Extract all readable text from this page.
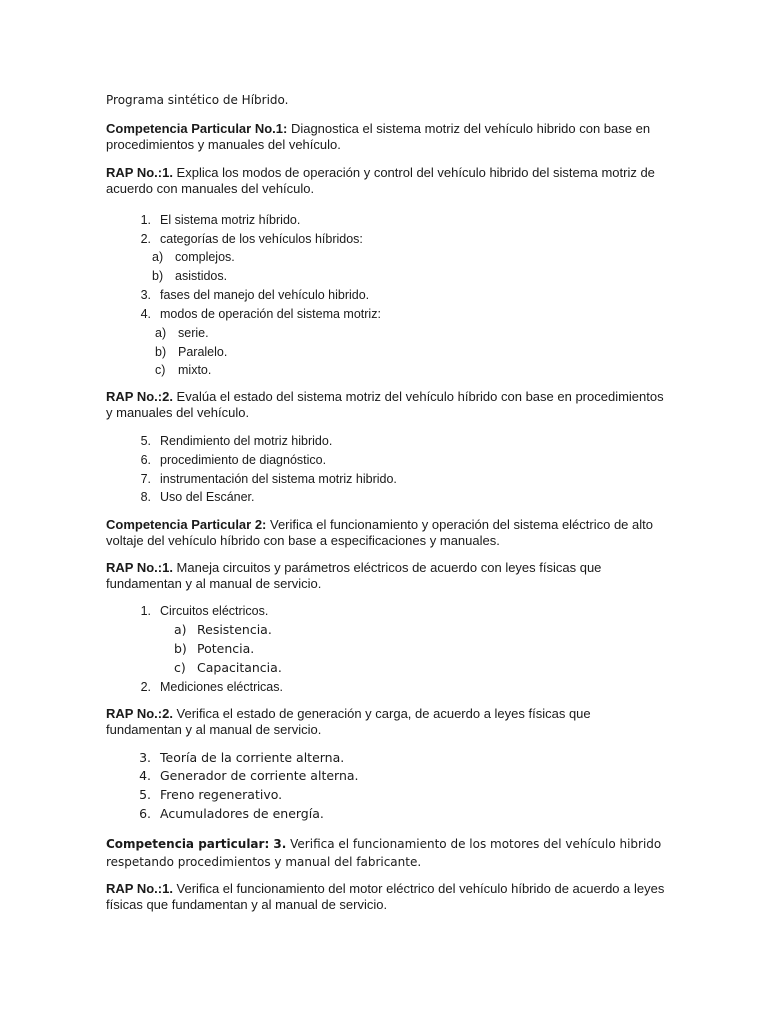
Programa sintético de Híbrido.

Competencia Particular No.1: Diagnostica el sistema motriz del vehículo hibrido con base en procedimientos y manuales del vehículo.

RAP No.:1. Explica los modos de operación y control del vehículo hibrido del sistema motriz de acuerdo con manuales del vehículo.

1. El sistema motriz híbrido.

2. categorías de los vehículos híbridos:

a) complejos.

b) asistidos.

3. fases del manejo del vehículo hibrido.

4. modos de operación del sistema motriz:

a) serie.

b) Paralelo.

c) mixto.

RAP No.:2. Evalúa el estado del sistema motriz del vehículo híbrido con base en procedimientos y manuales del vehículo.

5. Rendimiento del motriz hibrido.

6. procedimiento de diagnóstico.

7. instrumentación del sistema motriz hibrido.

8. Uso del Escáner.

Competencia Particular 2: Verifica el funcionamiento y operación del sistema eléctrico de alto voltaje del vehículo híbrido con base a especificaciones y manuales.

RAP No.:1. Maneja circuitos y parámetros eléctricos de acuerdo con leyes físicas que fundamentan y al manual de servicio.

1. Circuitos eléctricos.

a) Resistencia.

b) Potencia.

c) Capacitancia.

2. Mediciones eléctricas.

RAP No.:2. Verifica el estado de generación y carga, de acuerdo a leyes físicas que fundamentan y al manual de servicio.

3. Teoría de la corriente alterna.

4. Generador de corriente alterna.

5. Freno regenerativo.

6. Acumuladores de energía.

Competencia particular: 3. Verifica el funcionamiento de los motores del vehículo hibrido respetando procedimientos y manual del fabricante.

RAP No.:1. Verifica el funcionamiento del motor eléctrico del vehículo híbrido de acuerdo a leyes físicas que fundamentan y al manual de servicio.
